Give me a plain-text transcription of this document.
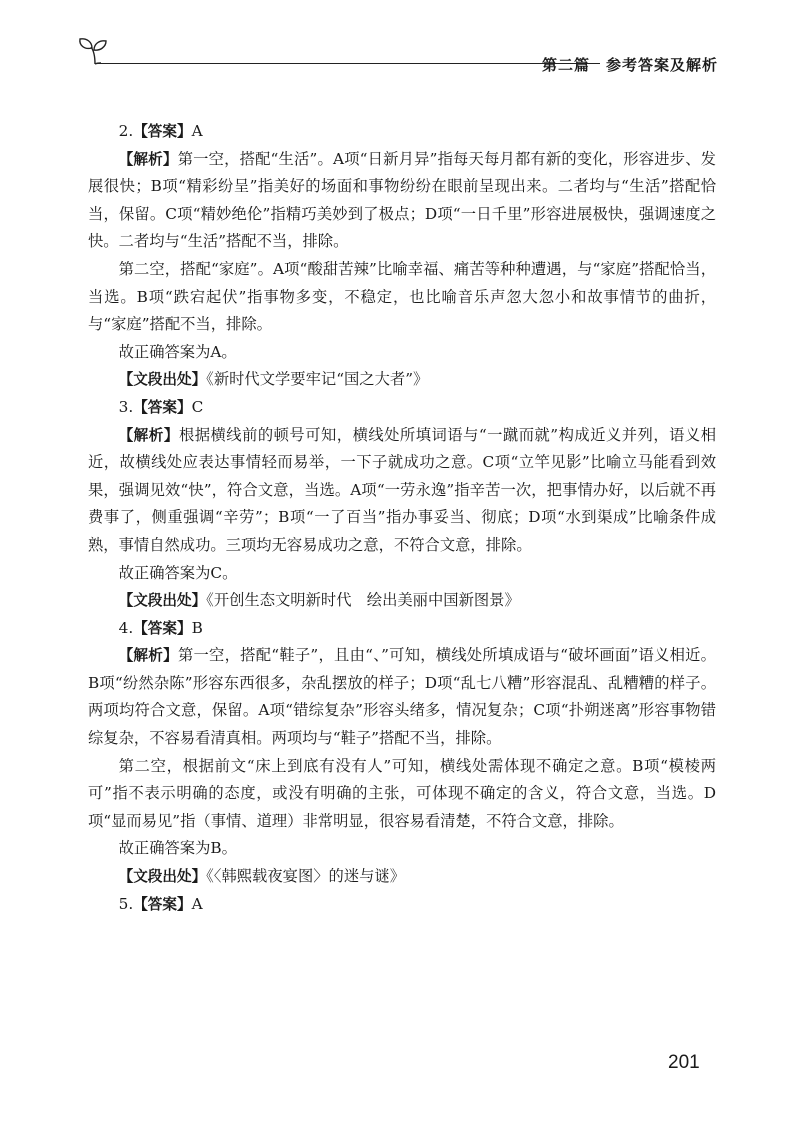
第二篇　参考答案及解析

2.【答案】A

【解析】第一空，搭配“生活”。A项“日新月异”指每天每月都有新的变化，形容进步、发展很快；B项“精彩纷呈”指美好的场面和事物纷纷在眼前呈现出来。二者均与“生活”搭配恰当，保留。C项“精妙绝伦”指精巧美妙到了极点；D项“一日千里”形容进展极快，强调速度之快。二者均与“生活”搭配不当，排除。

第二空，搭配“家庭”。A项“酸甜苦辣”比喻幸福、痛苦等种种遭遇，与“家庭”搭配恰当，当选。B项“跌宕起伏”指事物多变，不稳定，也比喻音乐声忽大忽小和故事情节的曲折，与“家庭”搭配不当，排除。

故正确答案为A。

【文段出处】《新时代文学要牢记“国之大者”》

3.【答案】C

【解析】根据横线前的顿号可知，横线处所填词语与“一蹴而就”构成近义并列，语义相近，故横线处应表达事情轻而易举，一下子就成功之意。C项“立竿见影”比喻立马能看到效果，强调见效“快”，符合文意，当选。A项“一劳永逸”指辛苦一次，把事情办好，以后就不再费事了，侧重强调“辛劳”；B项“一了百当”指办事妥当、彻底；D项“水到渠成”比喻条件成熟，事情自然成功。三项均无容易成功之意，不符合文意，排除。

故正确答案为C。

【文段出处】《开创生态文明新时代　绘出美丽中国新图景》

4.【答案】B

【解析】第一空，搭配“鞋子”，且由“、”可知，横线处所填成语与“破坏画面”语义相近。B项“纷然杂陈”形容东西很多，杂乱摆放的样子；D项“乱七八糟”形容混乱、乱糟糟的样子。两项均符合文意，保留。A项“错综复杂”形容头绪多，情况复杂；C项“扑朔迷离”形容事物错综复杂，不容易看清真相。两项均与“鞋子”搭配不当，排除。

第二空，根据前文“床上到底有没有人”可知，横线处需体现不确定之意。B项“模棱两可”指不表示明确的态度，或没有明确的主张，可体现不确定的含义，符合文意，当选。D项“显而易见”指（事情、道理）非常明显，很容易看清楚，不符合文意，排除。

故正确答案为B。

【文段出处】《〈韩熙载夜宴图〉的迷与谜》

5.【答案】A

201
